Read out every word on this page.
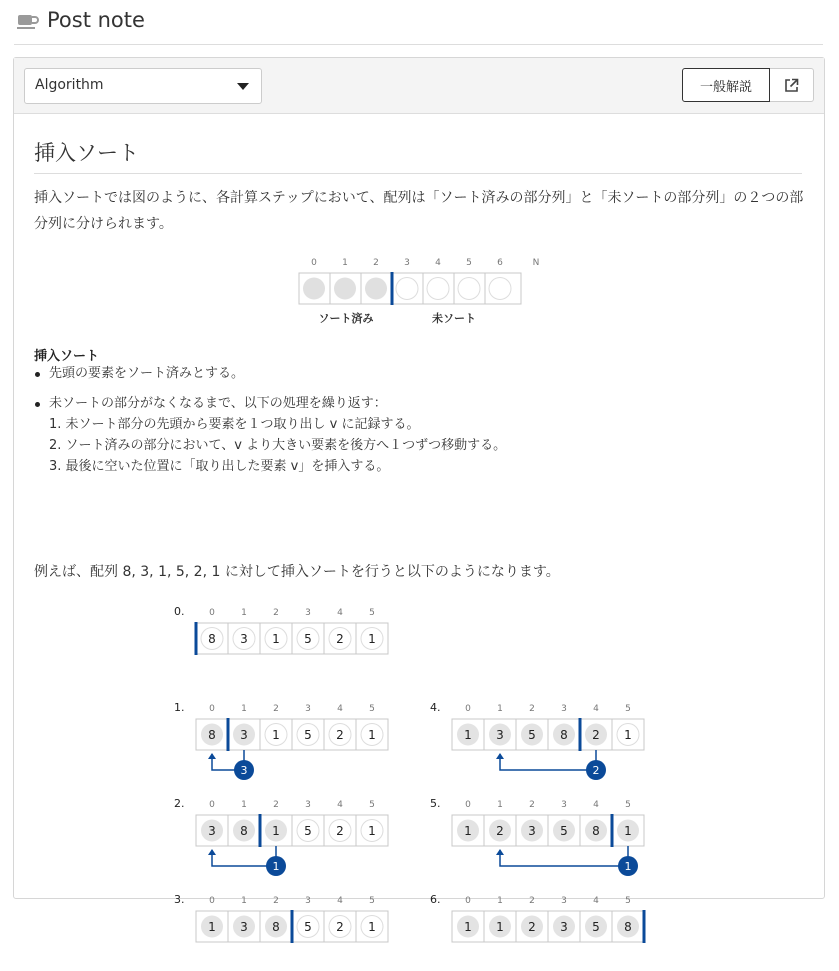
Post note
Algorithm	一般解説
挿入ソート
挿入ソートでは図のように、各計算ステップにおいて、配列は「ソート済みの部分列」と「未ソートの部分列」の２つの部分列に分けられます。
0	1	2	3	4	5	6	N
ソート済み	未ソート
挿入ソート
先頭の要素をソート済みとする。
未ソートの部分がなくなるまで、以下の処理を繰り返す：
1. 未ソート部分の先頭から要素を１つ取り出し v に記録する。
2. ソート済みの部分において、v より大きい要素を後方へ１つずつ移動する。
3. 最後に空いた位置に「取り出した要素 v」を挿入する。
例えば、配列 8, 3, 1, 5, 2, 1 に対して挿入ソートを行うと以下のようになります。
0.	0	1	2	3	4	5
8 3 1 5 2 1
1.	0	1	2	3	4	5
8 3 1 5 2 1
3
2.	0	1	2	3	4	5
3 8 1 5 2 1
1
3.	0	1	2	3	4	5
1 3 8 5 2 1
4.	0	1	2	3	4	5
1 3 5 8 2 1
2
5.	0	1	2	3	4	5
1 2 3 5 8 1
1
6.	0	1	2	3	4	5
1 1 2 3 5 8
